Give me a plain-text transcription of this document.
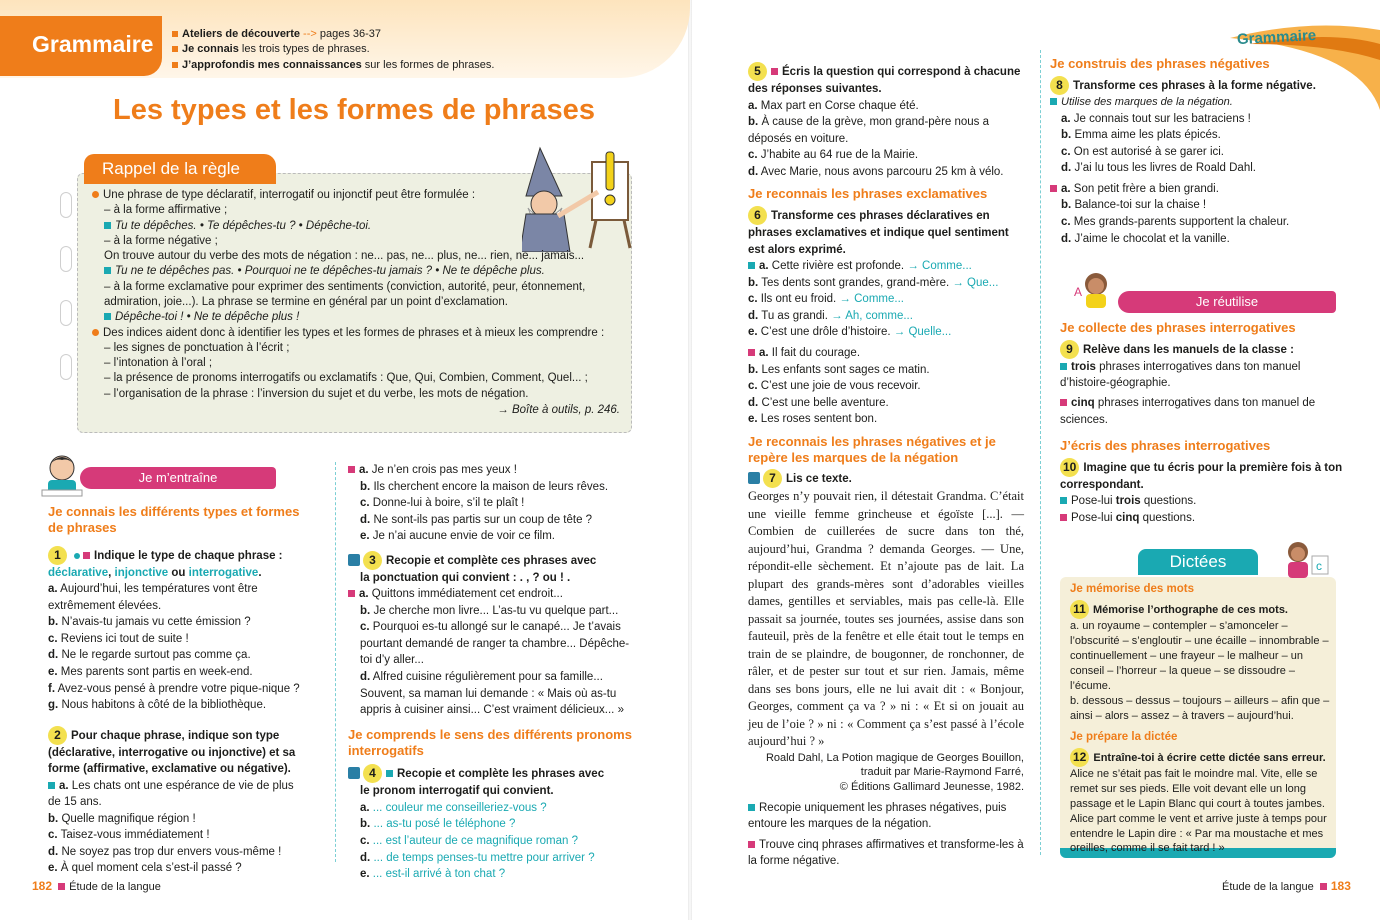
Grammaire	Ateliers de découverte --> pages 36-37
Je connais les trois types de phrases.
J’approfondis mes connaissances sur les formes de phrases.
Les types et les formes de phrases
Rappel de la règle
Une phrase de type déclaratif, interrogatif ou injonctif peut être formulée :
– à la forme affirmative ;
Tu te dépêches. • Te dépêches-tu ? • Dépêche-toi.
– à la forme négative ;
On trouve autour du verbe des mots de négation : ne... pas, ne... plus, ne... rien, ne... jamais...
Tu ne te dépêches pas. • Pourquoi ne te dépêches-tu jamais ? • Ne te dépêche plus.
– à la forme exclamative pour exprimer des sentiments (conviction, autorité, peur, étonnement,
admiration, joie...). La phrase se termine en général par un point d’exclamation.
Dépêche-toi ! • Ne te dépêche plus !
Des indices aident donc à identifier les types et les formes de phrases et à mieux les comprendre :
– les signes de ponctuation à l’écrit ;
– l’intonation à l’oral ;
– la présence de pronoms interrogatifs ou exclamatifs : Que, Qui, Combien, Comment, Quel... ;
– l’organisation de la phrase : l’inversion du sujet et du verbe, les mots de négation.
→ Boîte à outils, p. 246.
Je m’entraîne
Je connais les différents types et formes de phrases
1	Indique le type de chaque phrase :
déclarative, injonctive ou interrogative.
a. Aujourd’hui, les températures vont être extrêmement élevées.
b. N’avais-tu jamais vu cette émission ?
c. Reviens ici tout de suite !
d. Ne le regarde surtout pas comme ça.
e. Mes parents sont partis en week-end.
f. Avez-vous pensé à prendre votre pique-nique ?
g. Nous habitons à côté de la bibliothèque.
2 Pour chaque phrase, indique son type (déclarative, interrogative ou injonctive) et sa forme (affirmative, exclamative ou négative).
a. Les chats ont une espérance de vie de plus de 15 ans.
b. Quelle magnifique région !
c. Taisez-vous immédiatement !
d. Ne soyez pas trop dur envers vous-même !
e. À quel moment cela s’est-il passé ?
a. Je n’en crois pas mes yeux !
b. Ils cherchent encore la maison de leurs rêves.
c. Donne-lui à boire, s’il te plaît !
d. Ne sont-ils pas partis sur un coup de tête ?
e. Je n’ai aucune envie de voir ce film.
3 Recopie et complète ces phrases avec
la ponctuation qui convient : . , ? ou ! .
a. Quittons immédiatement cet endroit...
b. Je cherche mon livre... L’as-tu vu quelque part...
c. Pourquoi es-tu allongé sur le canapé... Je t’avais pourtant demandé de ranger ta chambre... Dépêche-toi d’y aller...
d. Alfred cuisine régulièrement pour sa famille... Souvent, sa maman lui demande : « Mais où as-tu appris à cuisiner ainsi... C’est vraiment délicieux... »
Je comprends le sens des différents pronoms interrogatifs
4 Recopie et complète les phrases avec
le pronom interrogatif qui convient.
a. ... couleur me conseilleriez-vous ?
b. ... as-tu posé le téléphone ?
c. ... est l’auteur de ce magnifique roman ?
d. ... de temps penses-tu mettre pour arriver ?
e. ... est-il arrivé à ton chat ?
182 Étude de la langue
Grammaire
5 Écris la question qui correspond à chacune des réponses suivantes.
a. Max part en Corse chaque été.
b. À cause de la grève, mon grand-père nous a déposés en voiture.
c. J’habite au 64 rue de la Mairie.
d. Avec Marie, nous avons parcouru 25 km à vélo.
Je reconnais les phrases exclamatives
6 Transforme ces phrases déclaratives en phrases exclamatives et indique quel sentiment est alors exprimé.
a. Cette rivière est profonde. → Comme...
b. Tes dents sont grandes, grand-mère. → Que...
c. Ils ont eu froid. → Comme...
d. Tu as grandi. → Ah, comme...
e. C’est une drôle d’histoire. → Quelle...
a. Il fait du courage.
b. Les enfants sont sages ce matin.
c. C’est une joie de vous recevoir.
d. C’est une belle aventure.
e. Les roses sentent bon.
Je reconnais les phrases négatives et je repère les marques de la négation
7 Lis ce texte.
Georges n’y pouvait rien, il détestait Grandma. C’était une vieille femme grincheuse et égoïste [...]. — Combien de cuillerées de sucre dans ton thé, aujourd’hui, Grandma ? demanda Georges. — Une, répondit-elle sèchement. Et n’ajoute pas de lait. La plupart des grands-mères sont d’adorables vieilles dames, gentilles et serviables, mais pas celle-là. Elle passait sa journée, toutes ses journées, assise dans son fauteuil, près de la fenêtre et elle était tout le temps en train de se plaindre, de bougonner, de ronchonner, de râler, et de pester sur tout et sur rien. Jamais, même dans ses bons jours, elle ne lui avait dit : « Bonjour, Georges, comment ça va ? » ni : « Et si on jouait au jeu de l’oie ? » ni : « Comment ça s’est passé à l’école aujourd’hui ? »
Roald Dahl, La Potion magique de Georges Bouillon,
traduit par Marie-Raymond Farré,
© Éditions Gallimard Jeunesse, 1982.
Recopie uniquement les phrases négatives, puis entoure les marques de la négation.
Trouve cinq phrases affirmatives et transforme-les à la forme négative.
Je construis des phrases négatives
8 Transforme ces phrases à la forme négative.
Utilise des marques de la négation.
a. Je connais tout sur les batraciens !
b. Emma aime les plats épicés.
c. On est autorisé à se garer ici.
d. J’ai lu tous les livres de Roald Dahl.
a. Son petit frère a bien grandi.
b. Balance-toi sur la chaise !
c. Mes grands-parents supportent la chaleur.
d. J’aime le chocolat et la vanille.
A
Je réutilise
Je collecte des phrases interrogatives
9 Relève dans les manuels de la classe :
trois phrases interrogatives dans ton manuel d’histoire-géographie.
cinq phrases interrogatives dans ton manuel de sciences.
J’écris des phrases interrogatives
10 Imagine que tu écris pour la première fois à ton correspondant.
Pose-lui trois questions.
Pose-lui cinq questions.
Dictées	c
Je mémorise des mots
11 Mémorise l’orthographe de ces mots.
a. un royaume – contempler – s’amonceler – l’obscurité – s’engloutir – une écaille – innombrable – continuellement – une frayeur – le malheur – un conseil – l’horreur – la queue – se dissoudre – l’écume.
b. dessous – dessus – toujours – ailleurs – afin que – ainsi – alors – assez – à travers – aujourd’hui.
Je prépare la dictée
12 Entraîne-toi à écrire cette dictée sans erreur.
Alice ne s’était pas fait le moindre mal. Vite, elle se remet sur ses pieds. Elle voit devant elle un long passage et le Lapin Blanc qui court à toutes jambes. Alice part comme le vent et arrive juste à temps pour entendre le Lapin dire : « Par ma moustache et mes oreilles, comme il se fait tard ! »
Étude de la langue 183
